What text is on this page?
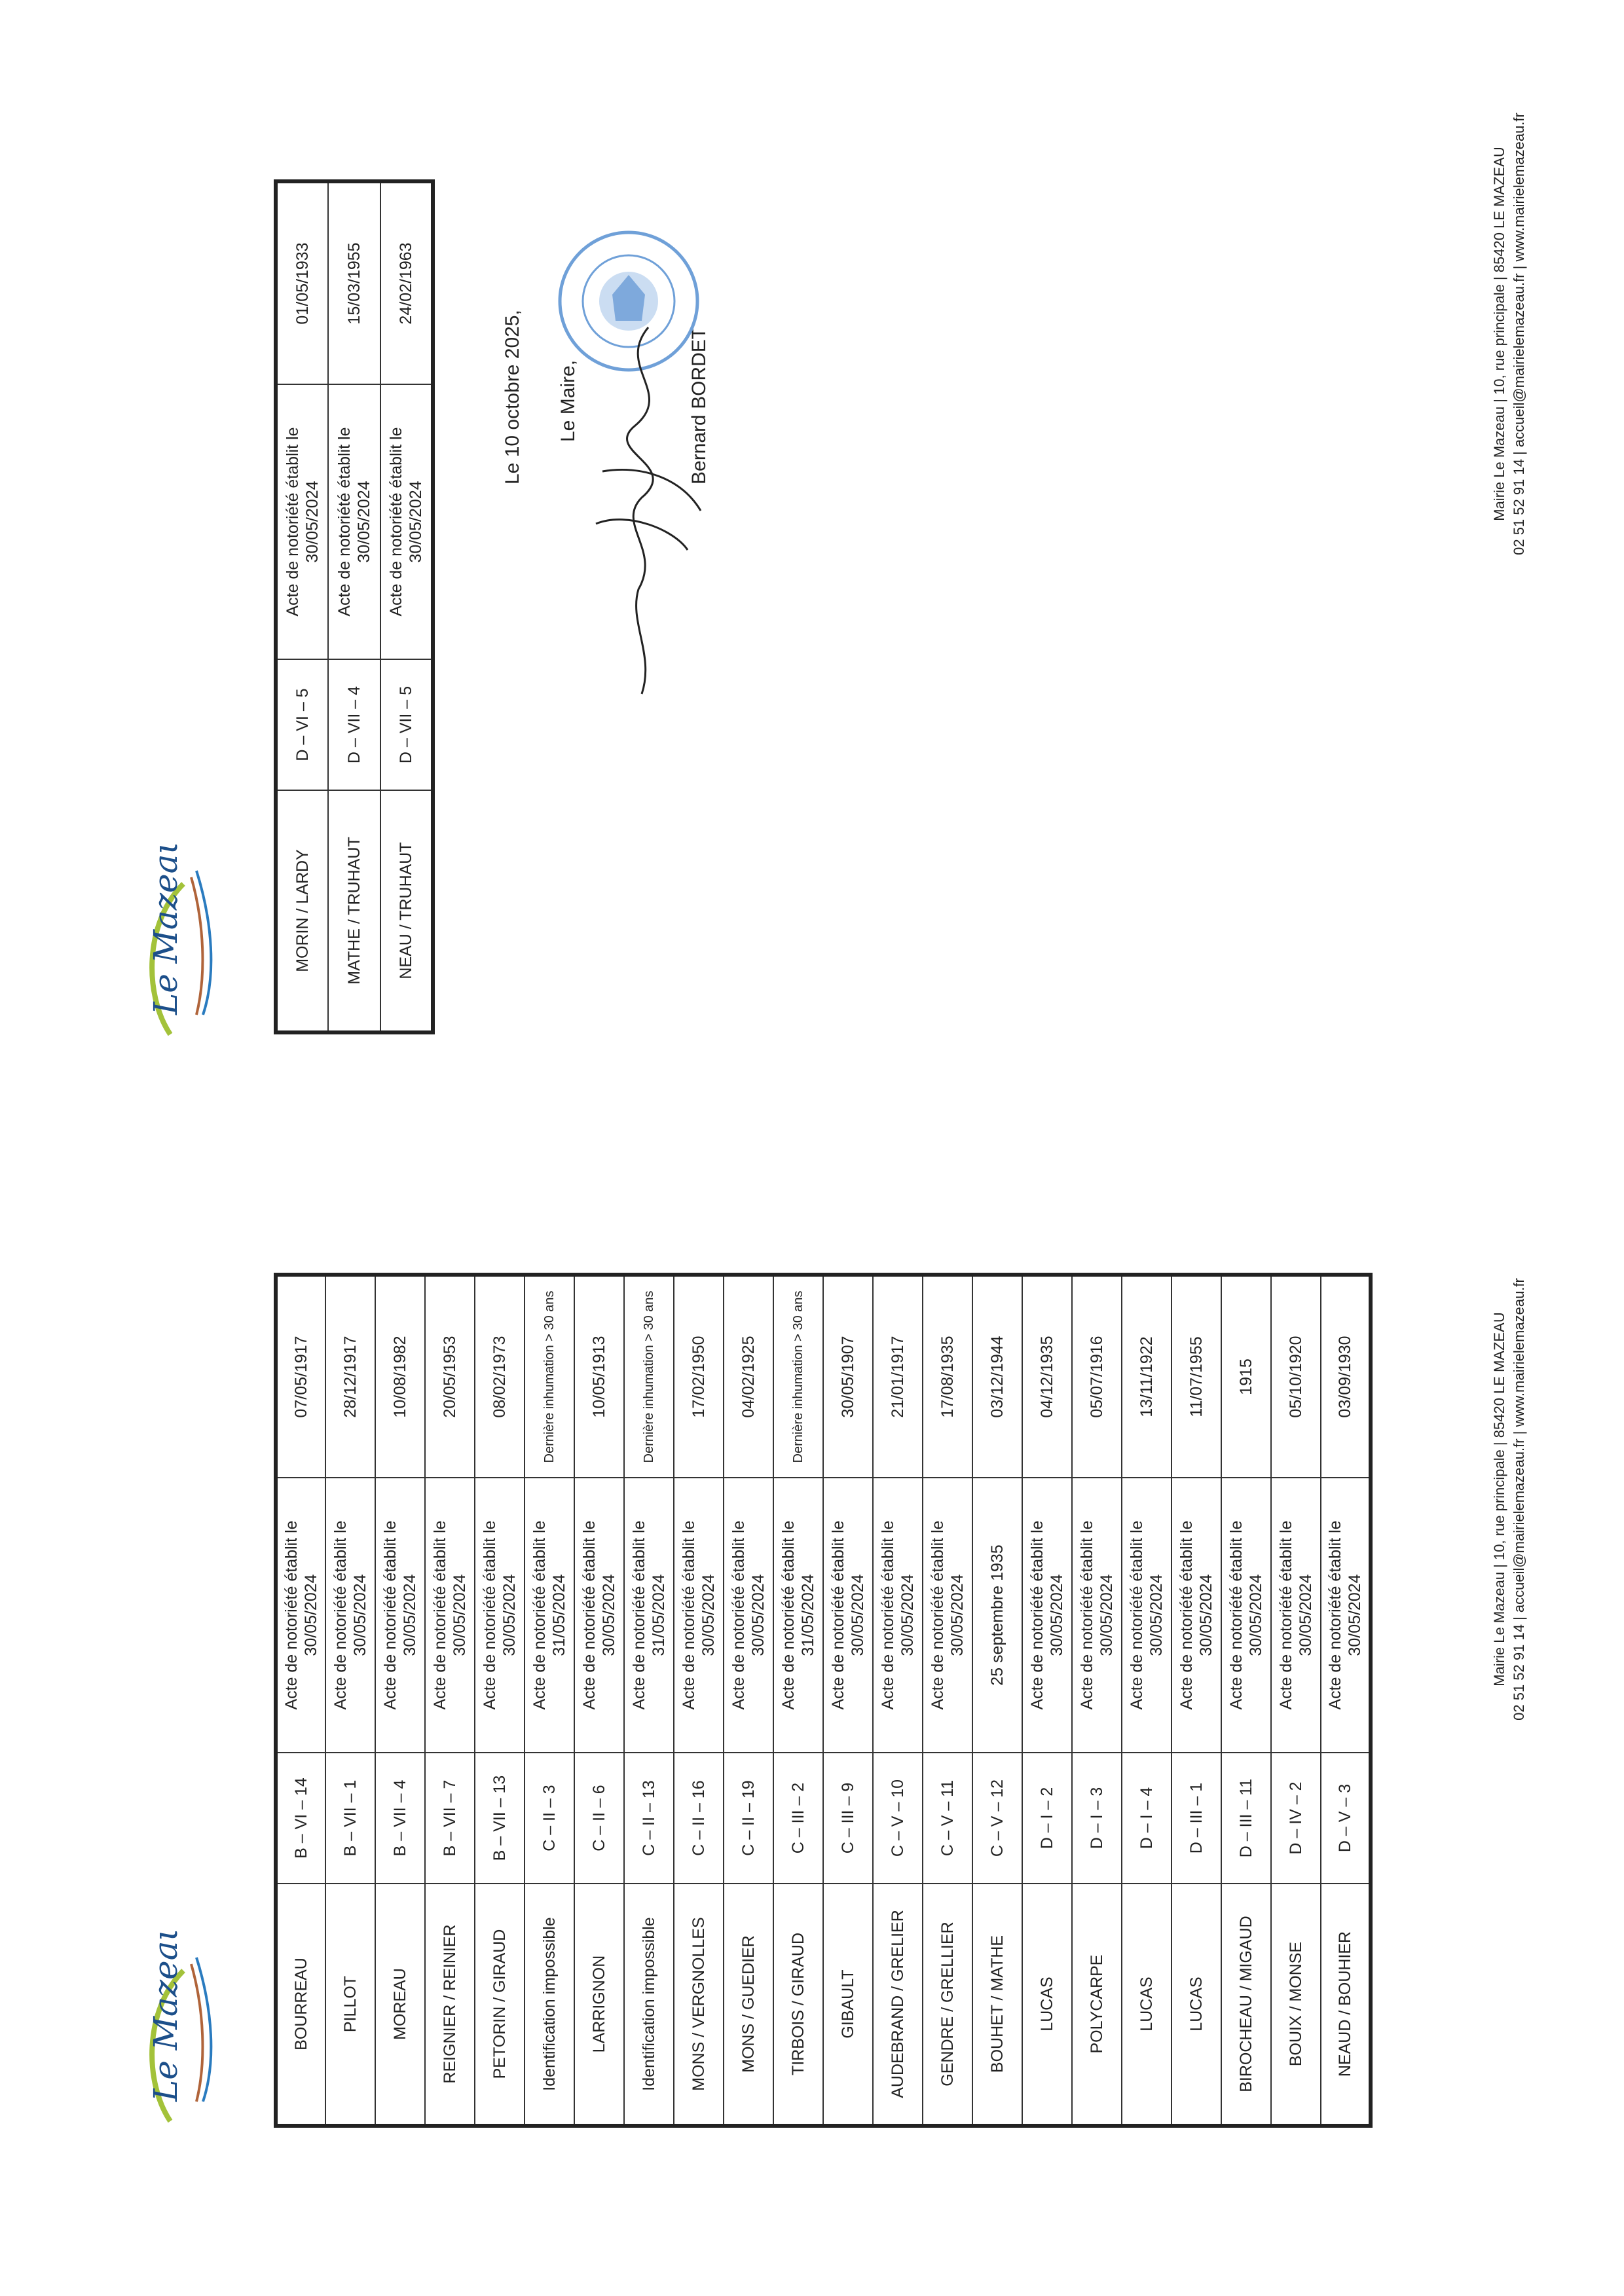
Le Mazeau	BOURREAU	B – VI – 14	Acte de notoriété établit le 30/05/2024	07/05/1917
PILLOT	B – VII – 1	Acte de notoriété établit le 30/05/2024	28/12/1917
MOREAU	B – VII – 4	Acte de notoriété établit le 30/05/2024	10/08/1982
REIGNIER / REINIER	B – VII – 7	Acte de notoriété établit le 30/05/2024	20/05/1953
PETORIN / GIRAUD	B – VII – 13	Acte de notoriété établit le 30/05/2024	08/02/1973
Identification impossible	C – II – 3	Acte de notoriété établit le 31/05/2024	Dernière inhumation > 30 ans
LARRIGNON	C – II – 6	Acte de notoriété établit le 30/05/2024	10/05/1913
Identification impossible	C – II – 13	Acte de notoriété établit le 31/05/2024	Dernière inhumation > 30 ans
MONS / VERGNOLLES	C – II – 16	Acte de notoriété établit le 30/05/2024	17/02/1950
MONS / GUEDIER	C – II – 19	Acte de notoriété établit le 30/05/2024	04/02/1925
TIRBOIS / GIRAUD	C – III – 2	Acte de notoriété établit le 31/05/2024	Dernière inhumation > 30 ans
GIBAULT	C – III – 9	Acte de notoriété établit le 30/05/2024	30/05/1907
AUDEBRAND / GRELIER	C – V – 10	Acte de notoriété établit le 30/05/2024	21/01/1917
GENDRE / GRELLIER	C – V – 11	Acte de notoriété établit le 30/05/2024	17/08/1935
BOUHET / MATHE	C – V – 12	25 septembre 1935	03/12/1944
LUCAS	D – I – 2	Acte de notoriété établit le 30/05/2024	04/12/1935
POLYCARPE	D – I – 3	Acte de notoriété établit le 30/05/2024	05/07/1916
LUCAS	D – I – 4	Acte de notoriété établit le 30/05/2024	13/11/1922
LUCAS	D – III – 1	Acte de notoriété établit le 30/05/2024	11/07/1955
BIROCHEAU / MIGAUD	D – III – 11	Acte de notoriété établit le 30/05/2024	1915
BOUIX / MONSE	D – IV – 2	Acte de notoriété établit le 30/05/2024	05/10/1920
NEAUD / BOUHIER	D – V – 3	Acte de notoriété établit le 30/05/2024	03/09/1930	Mairie Le Mazeau | 10, rue principale | 85420 LE MAZEAU 02 51 52 91 14 | accueil@mairielemazeau.fr | www.mairielemazeau.fr
Le Mazeau	MORIN / LARDY	D – VI – 5	Acte de notoriété établit le 30/05/2024	01/05/1933
MATHE / TRUHAUT	D – VII – 4	Acte de notoriété établit le 30/05/2024	15/03/1955
NEAU / TRUHAUT	D – VII – 5	Acte de notoriété établit le 30/05/2024	24/02/1963
Le 10 octobre 2025, Le Maire,	Bernard BORDET	Mairie Le Mazeau | 10, rue principale | 85420 LE MAZEAU 02 51 52 91 14 | accueil@mairielemazeau.fr | www.mairielemazeau.fr
